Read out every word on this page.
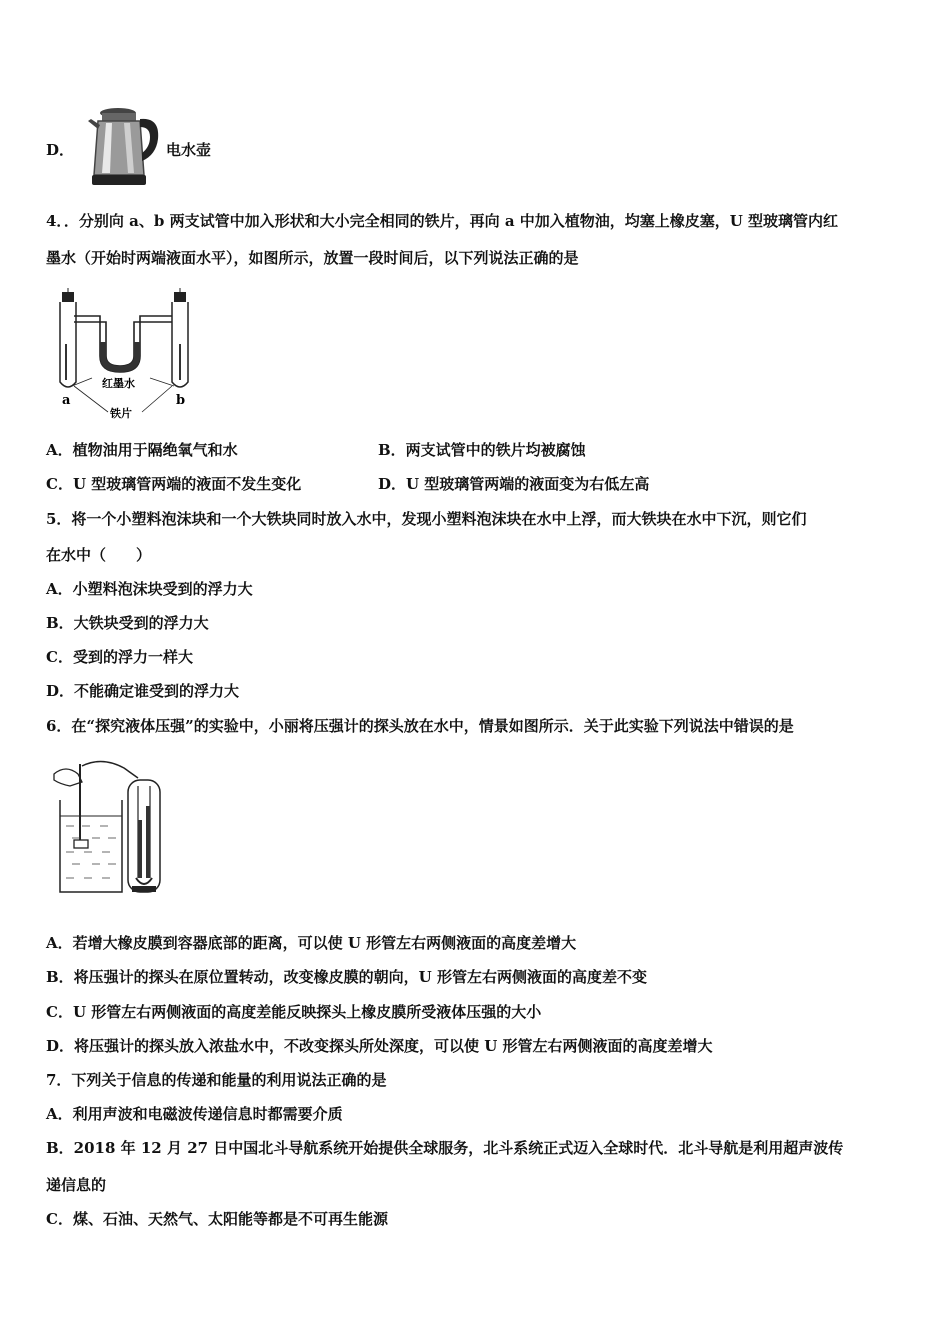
D．	电水壶
4．．分别向 a、b 两支试管中加入形状和大小完全相同的铁片，再向 a 中加入植物油，均塞上橡皮塞，U 型玻璃管内红
墨水（开始时两端液面水平），如图所示，放置一段时间后，以下列说法正确的是
红墨水
a	b
铁片
A．植物油用于隔绝氧气和水	B．两支试管中的铁片均被腐蚀
C．U 型玻璃管两端的液面不发生变化	D．U 型玻璃管两端的液面变为右低左高
5．将一个小塑料泡沫块和一个大铁块同时放入水中，发现小塑料泡沫块在水中上浮，而大铁块在水中下沉，则它们
在水中（　　）
A．小塑料泡沫块受到的浮力大
B．大铁块受到的浮力大
C．受到的浮力一样大
D．不能确定谁受到的浮力大
6．在“探究液体压强”的实验中，小丽将压强计的探头放在水中，情景如图所示．关于此实验下列说法中错误的是
A．若增大橡皮膜到容器底部的距离，可以使 U 形管左右两侧液面的高度差增大
B．将压强计的探头在原位置转动，改变橡皮膜的朝向，U 形管左右两侧液面的高度差不变
C．U 形管左右两侧液面的高度差能反映探头上橡皮膜所受液体压强的大小
D．将压强计的探头放入浓盐水中，不改变探头所处深度，可以使 U 形管左右两侧液面的高度差增大
7．下列关于信息的传递和能量的利用说法正确的是
A．利用声波和电磁波传递信息时都需要介质
B．2018 年 12 月 27 日中国北斗导航系统开始提供全球服务，北斗系统正式迈入全球时代．北斗导航是利用超声波传
递信息的
C．煤、石油、天然气、太阳能等都是不可再生能源
